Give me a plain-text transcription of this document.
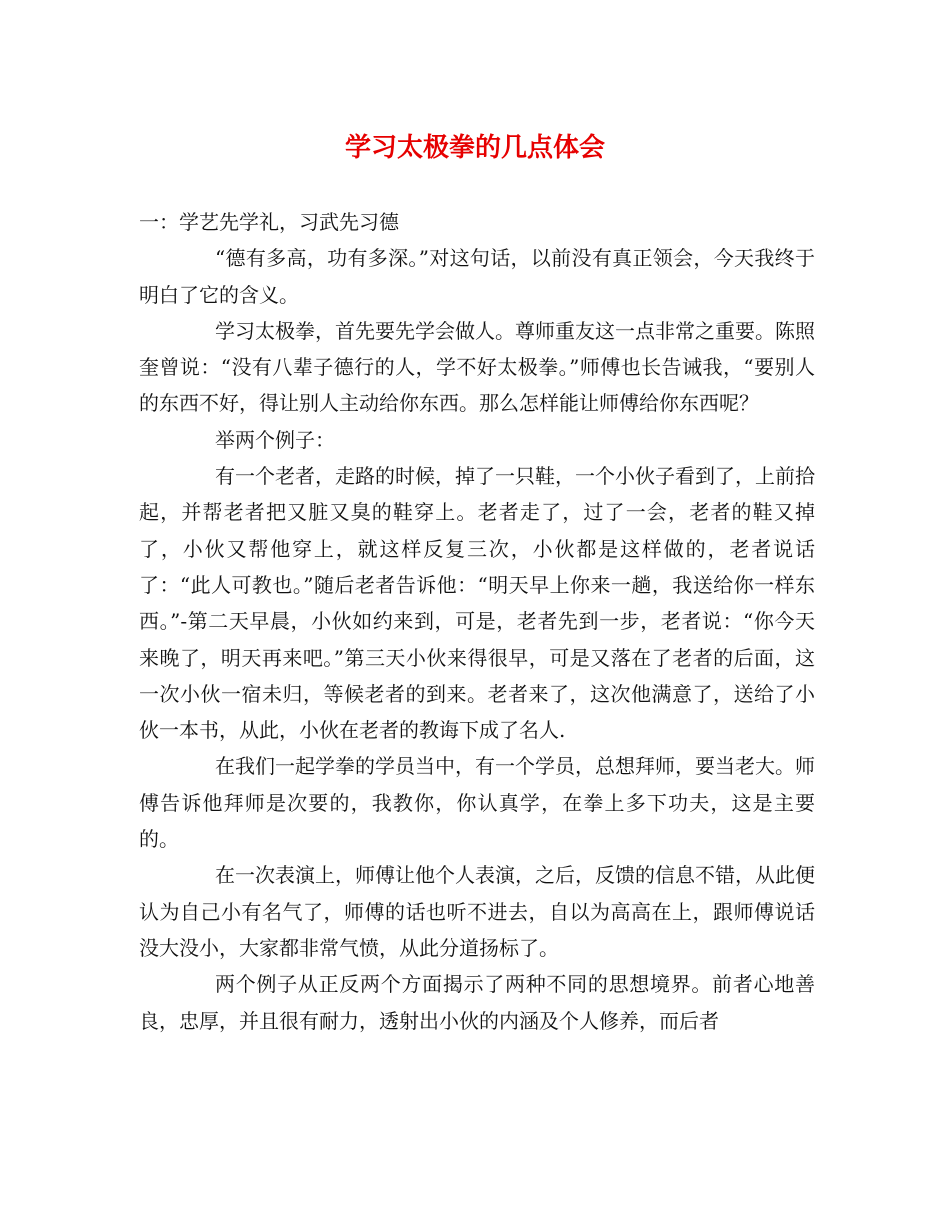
学习太极拳的几点体会

一：学艺先学礼，习武先习德

“德有多高，功有多深。”对这句话，以前没有真正领会，今天我终于明白了它的含义。

学习太极拳，首先要先学会做人。尊师重友这一点非常之重要。陈照奎曾说：“没有八辈子德行的人，学不好太极拳。”师傅也长告诫我，“要别人的东西不好，得让别人主动给你东西。那么怎样能让师傅给你东西呢？

举两个例子：

有一个老者，走路的时候，掉了一只鞋，一个小伙子看到了，上前拾起，并帮老者把又脏又臭的鞋穿上。老者走了，过了一会，老者的鞋又掉了，小伙又帮他穿上，就这样反复三次，小伙都是这样做的，老者说话了：“此人可教也。”随后老者告诉他：“明天早上你来一趟，我送给你一样东西。”-第二天早晨，小伙如约来到，可是，老者先到一步，老者说：“你今天来晚了，明天再来吧。”第三天小伙来得很早，可是又落在了老者的后面，这一次小伙一宿未归，等候老者的到来。老者来了，这次他满意了，送给了小伙一本书，从此，小伙在老者的教诲下成了名人.

在我们一起学拳的学员当中，有一个学员，总想拜师，要当老大。师傅告诉他拜师是次要的，我教你，你认真学，在拳上多下功夫，这是主要的。

在一次表演上，师傅让他个人表演，之后，反馈的信息不错，从此便认为自己小有名气了，师傅的话也听不进去，自以为高高在上，跟师傅说话没大没小，大家都非常气愤，从此分道扬标了。

两个例子从正反两个方面揭示了两种不同的思想境界。前者心地善良，忠厚，并且很有耐力，透射出小伙的内涵及个人修养，而后者
